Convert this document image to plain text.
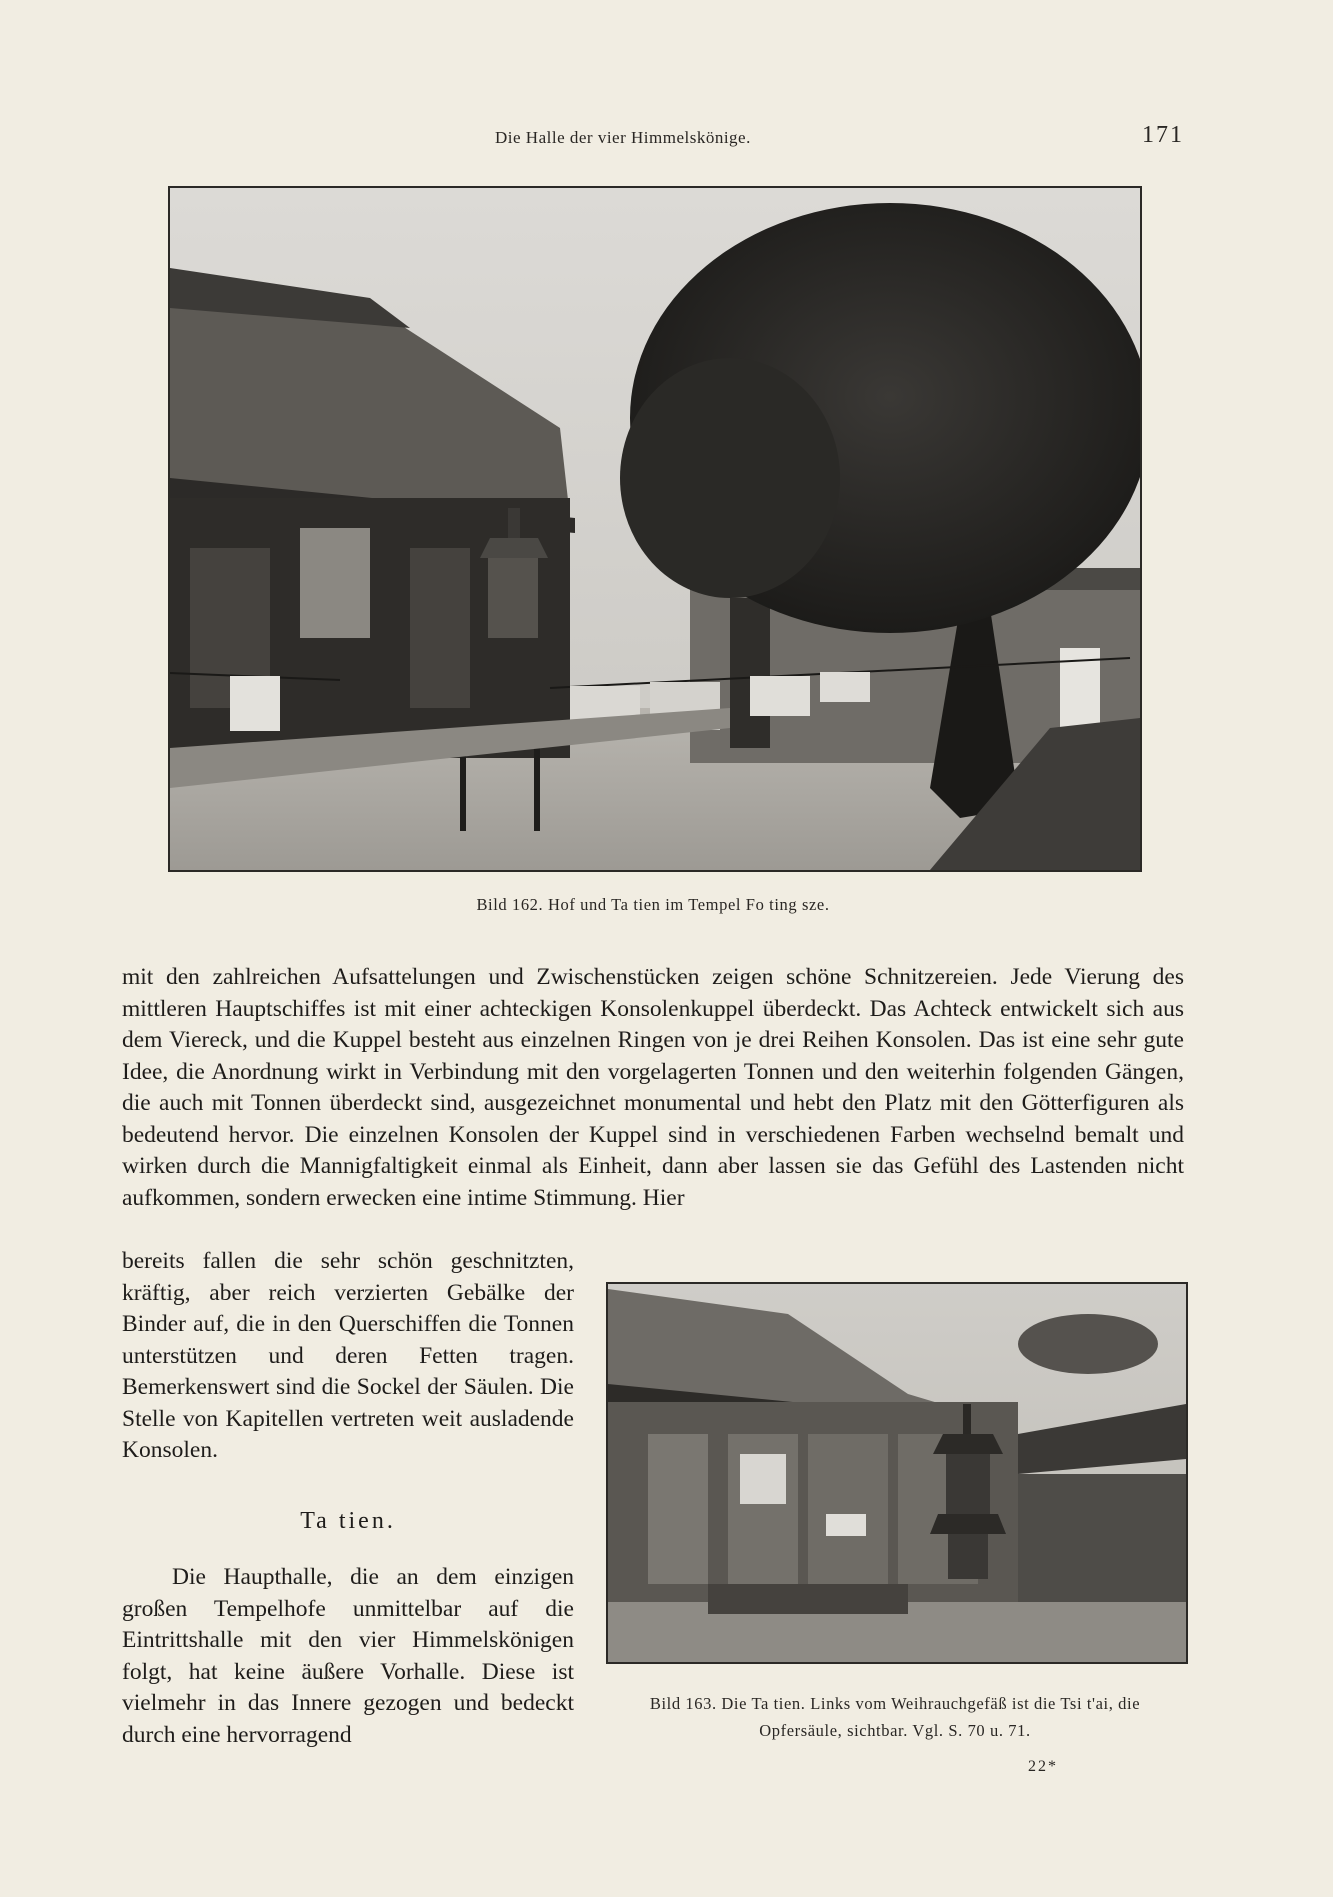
Die Halle der vier Himmelskönige.	171
Bild 162. Hof und Ta tien im Tempel Fo ting sze.

mit den zahlreichen Aufsattelungen und Zwischenstücken zeigen schöne Schnitzereien. Jede Vierung des mittleren Hauptschiffes ist mit einer achteckigen Konsolenkuppel überdeckt. Das Achteck entwickelt sich aus dem Viereck, und die Kuppel besteht aus einzelnen Ringen von je drei Reihen Konsolen. Das ist eine sehr gute Idee, die Anordnung wirkt in Verbindung mit den vorgelagerten Tonnen und den weiterhin folgenden Gängen, die auch mit Tonnen überdeckt sind, ausgezeichnet monumental und hebt den Platz mit den Götterfiguren als bedeutend hervor. Die einzelnen Konsolen der Kuppel sind in verschiedenen Farben wechselnd bemalt und wirken durch die Mannigfaltigkeit einmal als Einheit, dann aber lassen sie das Gefühl des Lastenden nicht aufkommen, sondern erwecken eine intime Stimmung. Hier

bereits fallen die sehr schön geschnitzten, kräftig, aber reich verzierten Gebälke der Binder auf, die in den Querschiffen die Tonnen unterstützen und deren Fetten tragen. Bemerkenswert sind die Sockel der Säulen. Die Stelle von Kapitellen vertreten weit ausladende Konsolen.

Ta tien.

Die Haupthalle, die an dem einzigen großen Tempelhofe unmittelbar auf die Eintrittshalle mit den vier Himmelskönigen folgt, hat keine äußere Vorhalle. Diese ist vielmehr in das Innere gezogen und bedeckt durch eine hervorragend

Bild 163. Die Ta tien. Links vom Weihrauchgefäß ist die Tsi t'ai, die Opfersäule, sichtbar. Vgl. S. 70 u. 71.
22*
